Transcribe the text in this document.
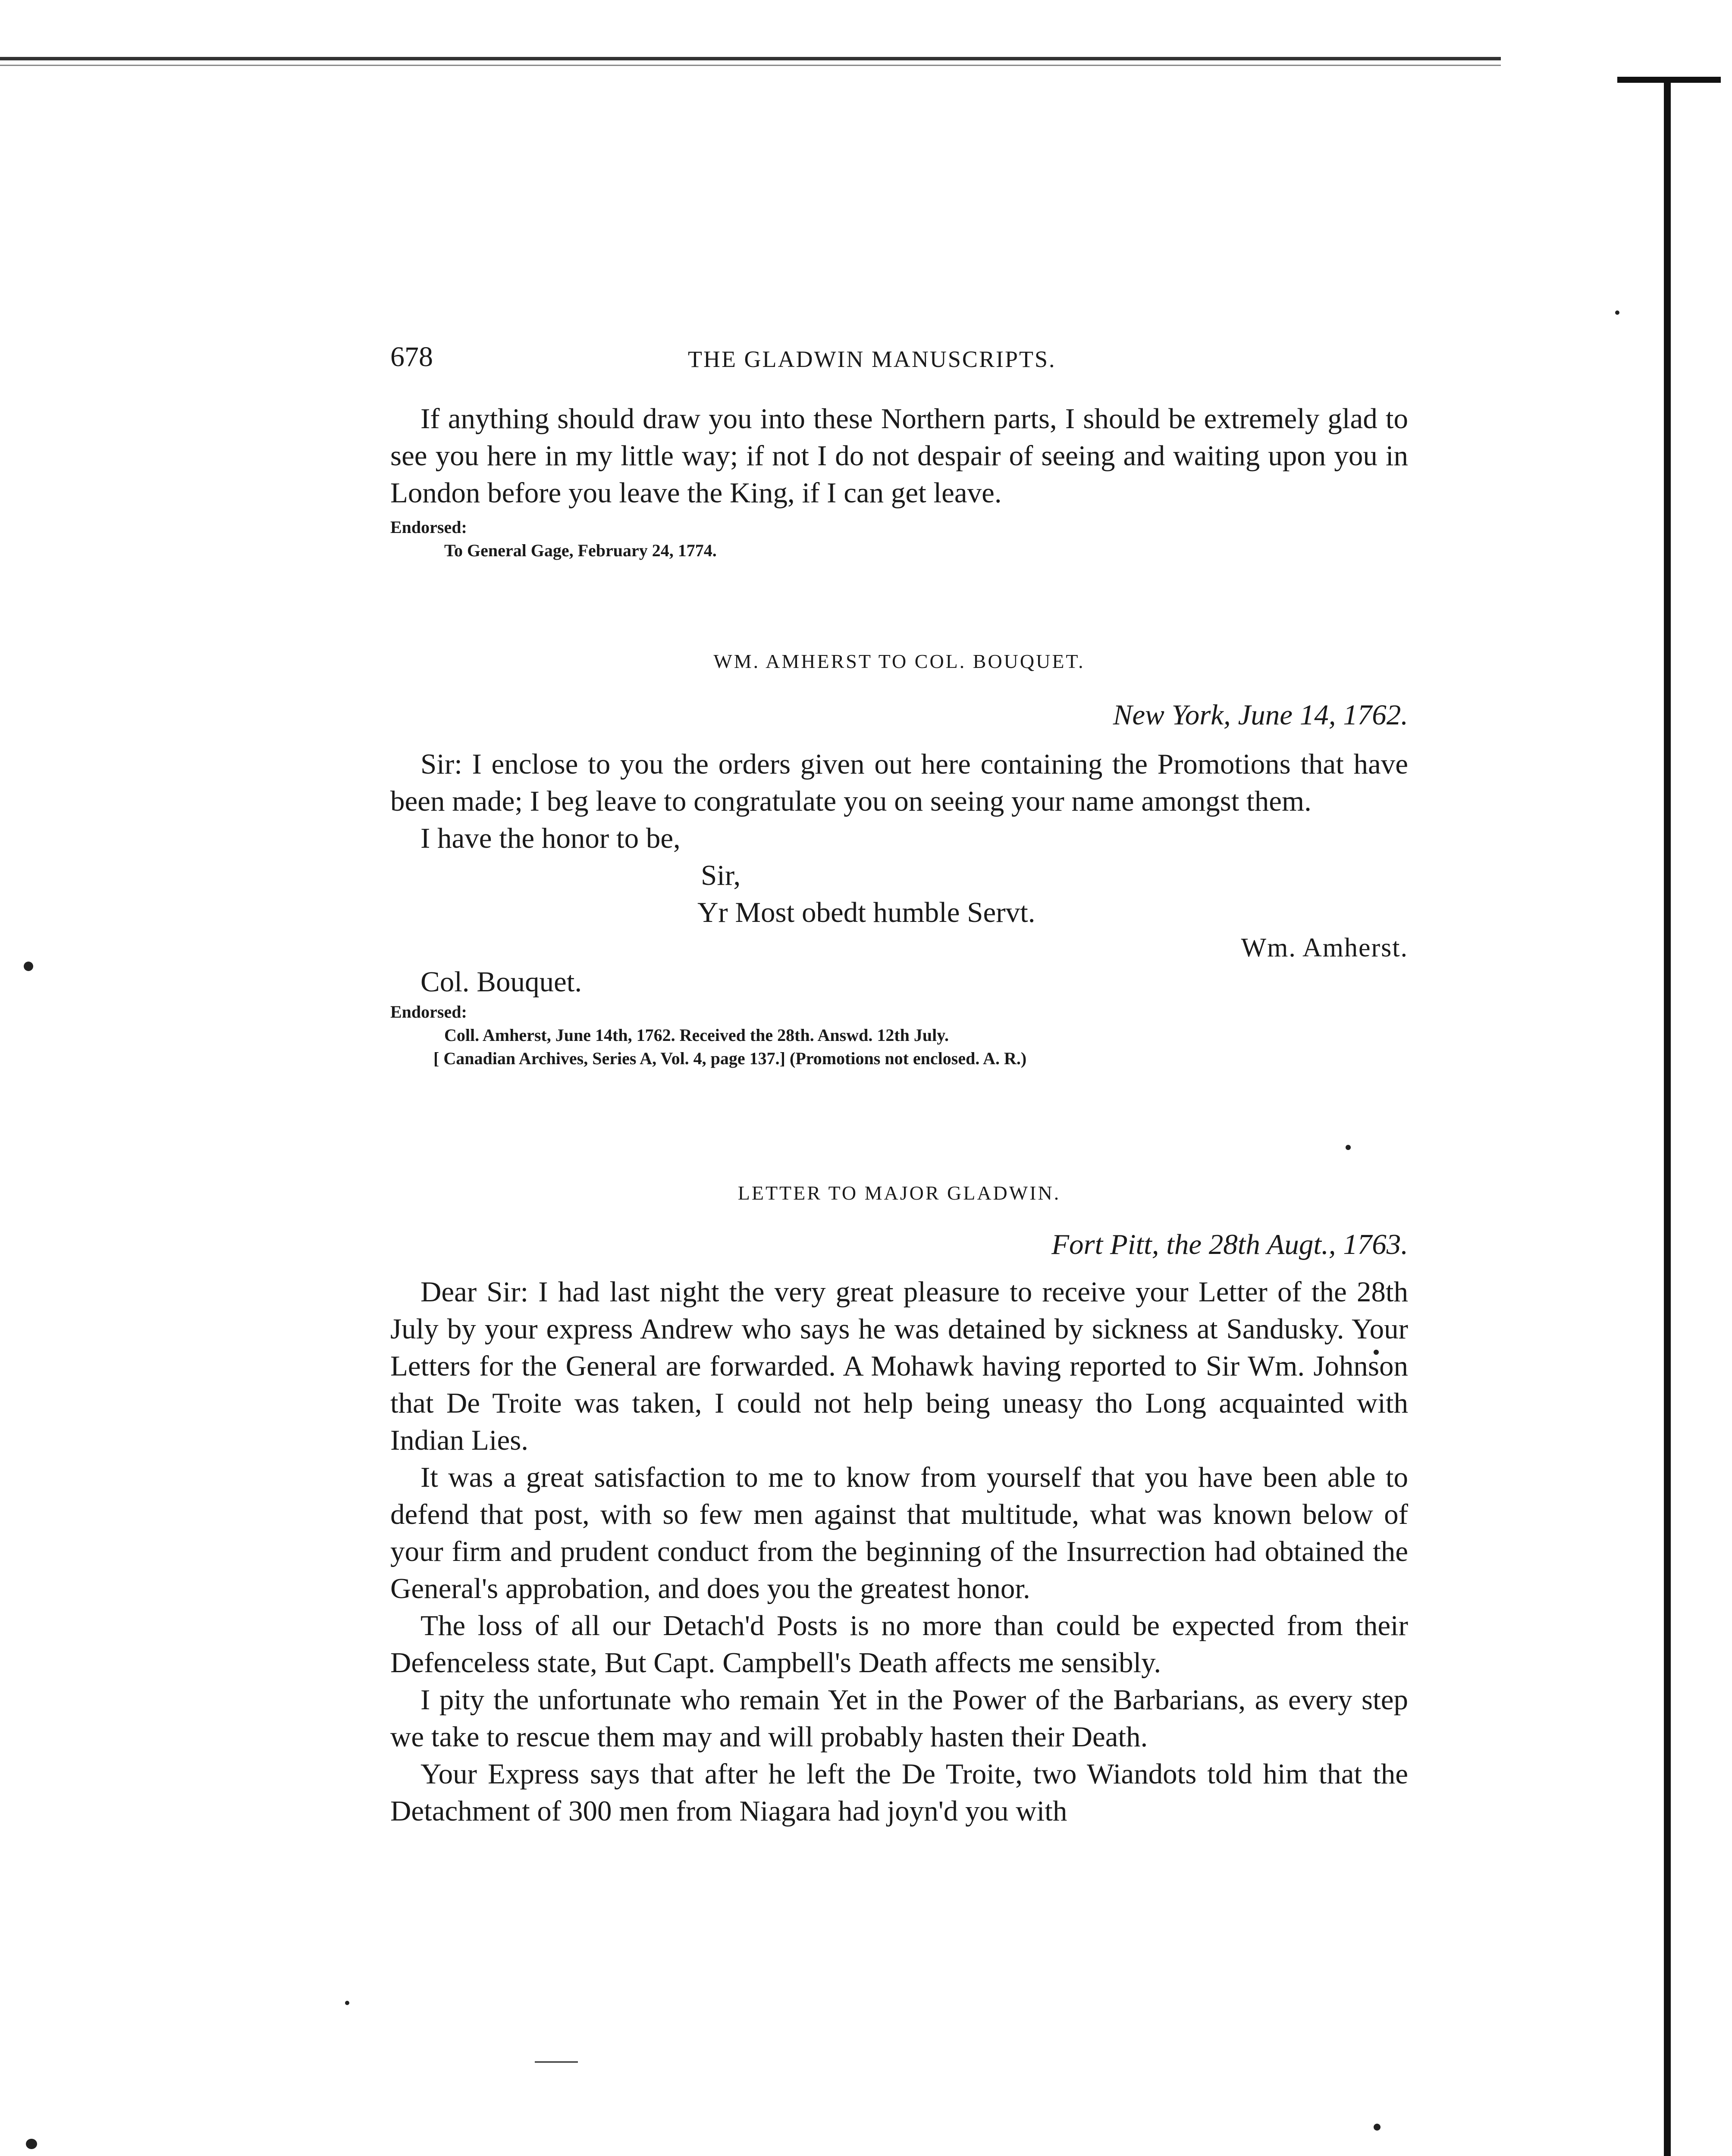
678	THE GLADWIN MANUSCRIPTS.

If anything should draw you into these Northern parts, I should be extremely glad to see you here in my little way; if not I do not despair of seeing and waiting upon you in London before you leave the King, if I can get leave.

Endorsed:

To General Gage, February 24, 1774.

WM. AMHERST TO COL. BOUQUET.

New York, June 14, 1762.

Sir: I enclose to you the orders given out here containing the Promotions that have been made; I beg leave to congratulate you on seeing your name amongst them.

I have the honor to be,

Sir,

Yr Most obedt humble Servt.

Wm. Amherst.

Col. Bouquet.

Endorsed:

Coll. Amherst, June 14th, 1762. Received the 28th. Answd. 12th July.

[ Canadian Archives, Series A, Vol. 4, page 137.] (Promotions not enclosed. A. R.)

LETTER TO MAJOR GLADWIN.

Fort Pitt, the 28th Augt., 1763.

Dear Sir: I had last night the very great pleasure to receive your Letter of the 28th July by your express Andrew who says he was detained by sickness at Sandusky. Your Letters for the General are forwarded. A Mohawk having reported to Sir Wm. Johnson that De Troite was taken, I could not help being uneasy tho Long acquainted with Indian Lies.

It was a great satisfaction to me to know from yourself that you have been able to defend that post, with so few men against that multitude, what was known below of your firm and prudent conduct from the beginning of the Insurrection had obtained the General's approbation, and does you the greatest honor.

The loss of all our Detach'd Posts is no more than could be expected from their Defenceless state, But Capt. Campbell's Death affects me sensibly.

I pity the unfortunate who remain Yet in the Power of the Barbarians, as every step we take to rescue them may and will probably hasten their Death.

Your Express says that after he left the De Troite, two Wiandots told him that the Detachment of 300 men from Niagara had joyn'd you with
